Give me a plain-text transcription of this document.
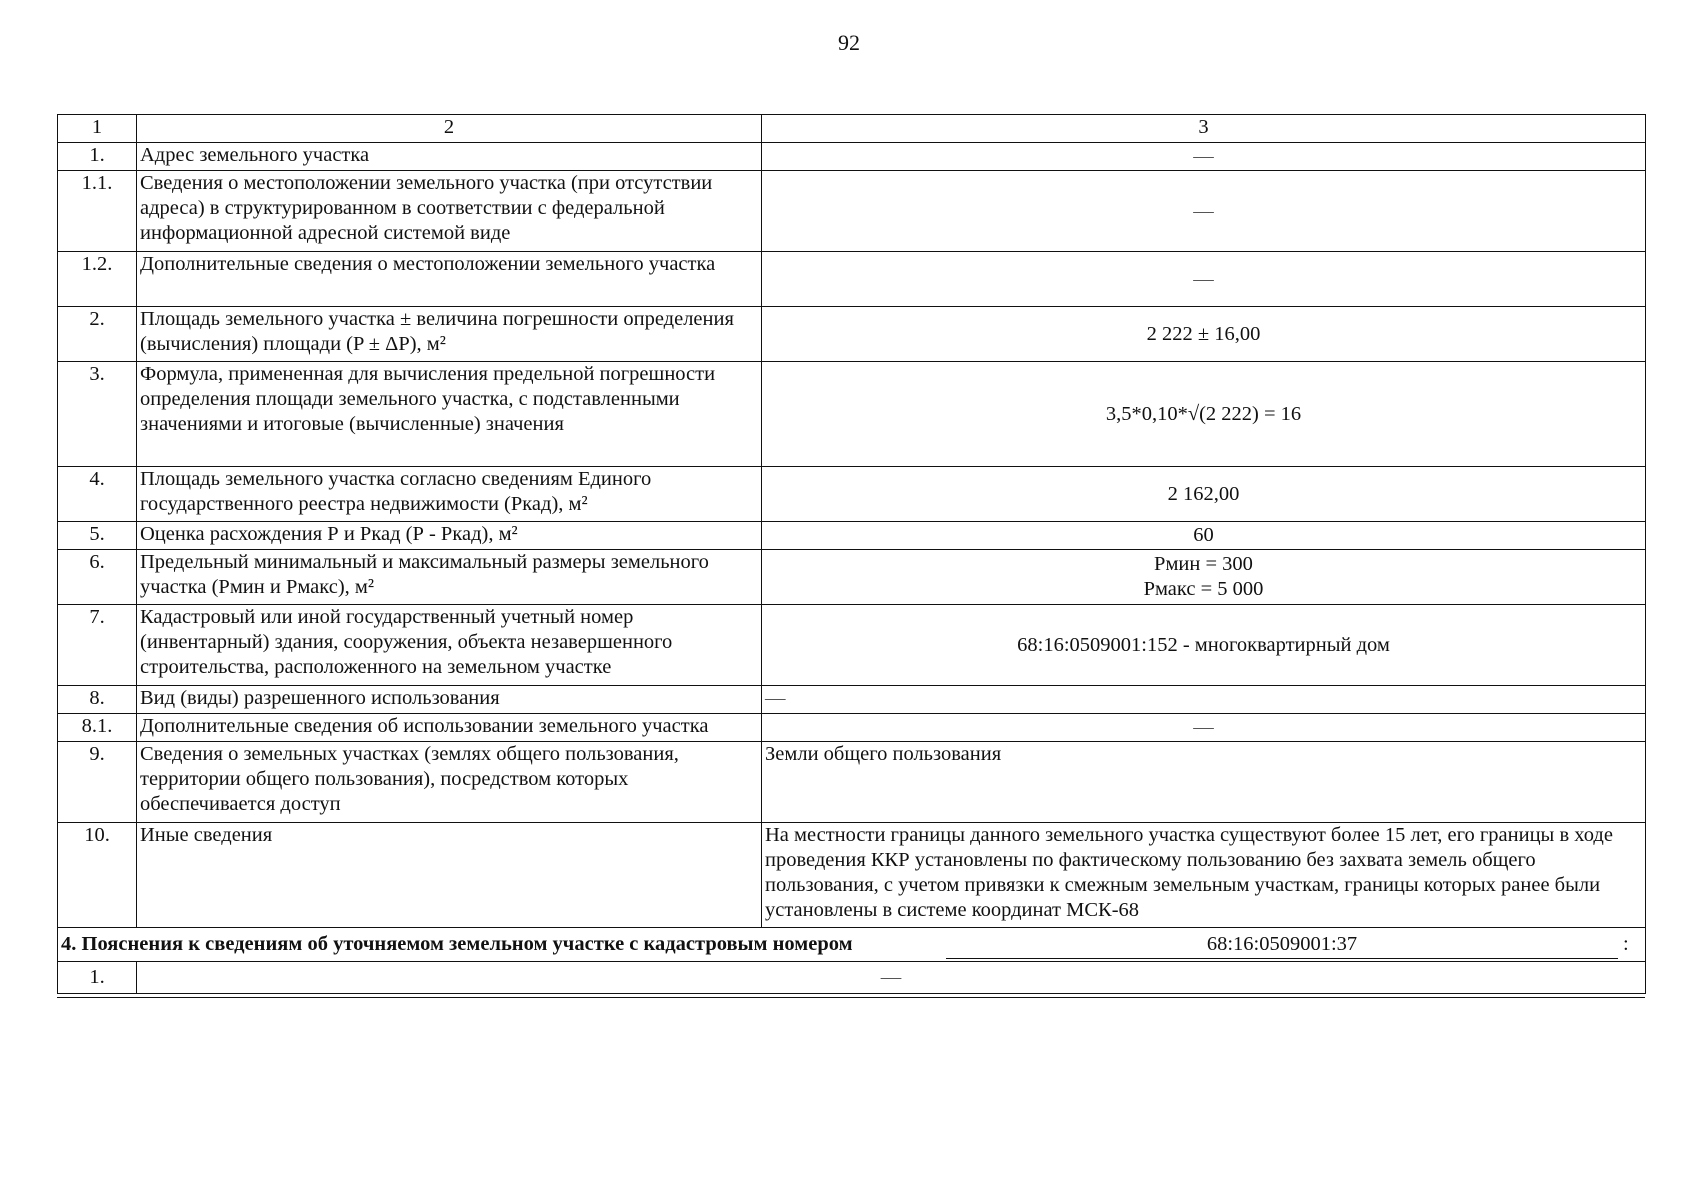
92
1	2	3
1.	Адрес земельного участка	—
1.1.	Сведения о местоположении земельного участка (при отсутствии адреса) в структурированном в соответствии с федеральной информационной адресной системой виде	—
1.2.	Дополнительные сведения о местоположении земельного участка	—
2.	Площадь земельного участка ± величина погрешности определения (вычисления) площади (P ± ΔP), м²	2 222 ± 16,00
3.	Формула, примененная для вычисления предельной погрешности определения площади земельного участка, с подставленными значениями и итоговые (вычисленные) значения	3,5*0,10*√(2 222) = 16
4.	Площадь земельного участка согласно сведениям Единого государственного реестра недвижимости (Ркад), м²	2 162,00
5.	Оценка расхождения Р и Ркад (Р - Ркад), м²	60
6.	Предельный минимальный и максимальный размеры земельного участка (Рмин и Рмакс), м²	Рмин = 300
Рмакс = 5 000

7.	Кадастровый или иной государственный учетный номер (инвентарный) здания, сооружения, объекта незавершенного строительства, расположенного на земельном участке	68:16:0509001:152 - многоквартирный дом
8.	Вид (виды) разрешенного использования	—
8.1.	Дополнительные сведения об использовании земельного участка	—
9.	Сведения о земельных участках (землях общего пользования, территории общего пользования), посредством которых обеспечивается доступ	Земли общего пользования
10.	Иные сведения	На местности границы данного земельного участка существуют более 15 лет, его границы в ходе проведения ККР установлены по фактическому пользованию без захвата земель общего пользования, с учетом привязки к смежным земельным участкам, границы которых ранее были установлены в системе координат МСК-68

4. Пояснения к сведениям об уточняемом земельном участке с кадастровым номером 68:16:0509001:37 :		

1.	—	
